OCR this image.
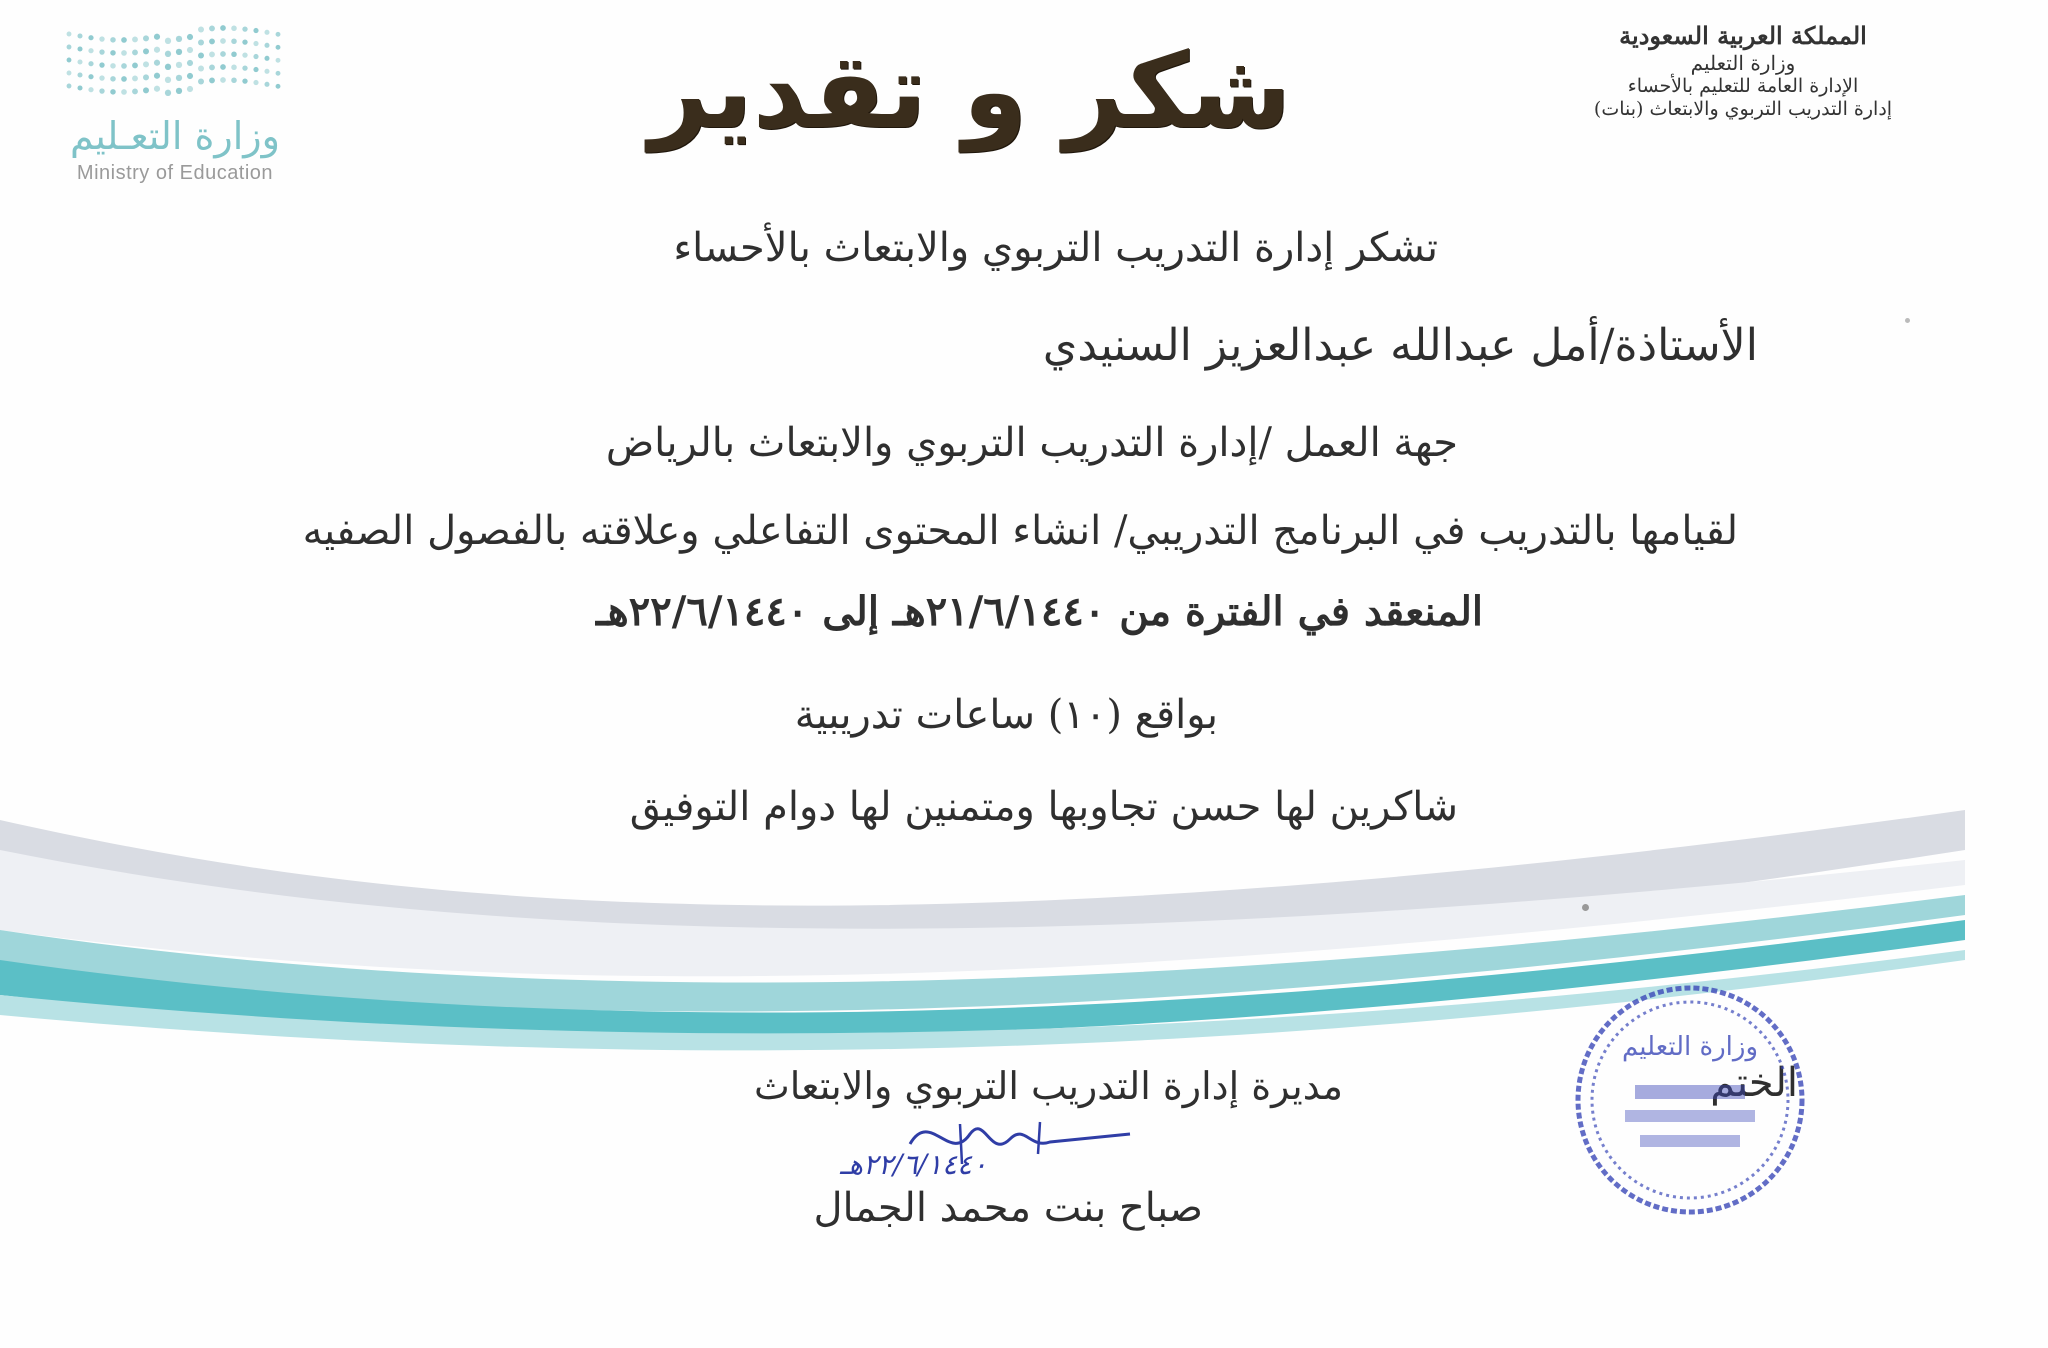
المملكة العربية السعودية
وزارة التعليم
الإدارة العامة للتعليم بالأحساء
إدارة التدريب التربوي والابتعاث (بنات)
وزارة التعـليم
Ministry of Education
شكر و تقدير
تشكر إدارة التدريب التربوي والابتعاث بالأحساء
الأستاذة/أمل عبدالله عبدالعزيز السنيدي
جهة العمل /إدارة التدريب التربوي والابتعاث بالرياض
لقيامها بالتدريب في البرنامج التدريبي/ انشاء المحتوى التفاعلي وعلاقته بالفصول الصفيه
المنعقد في الفترة من ٢١/٦/١٤٤٠هـ إلى ٢٢/٦/١٤٤٠هـ
بواقع (١٠) ساعات تدريبية
شاكرين لها حسن تجاوبها ومتمنين لها دوام التوفيق
مديرة إدارة التدريب التربوي والابتعاث
٢٢/٦/١٤٤٠هـ
صباح بنت محمد الجمال
الختم
وزارة التعليم
